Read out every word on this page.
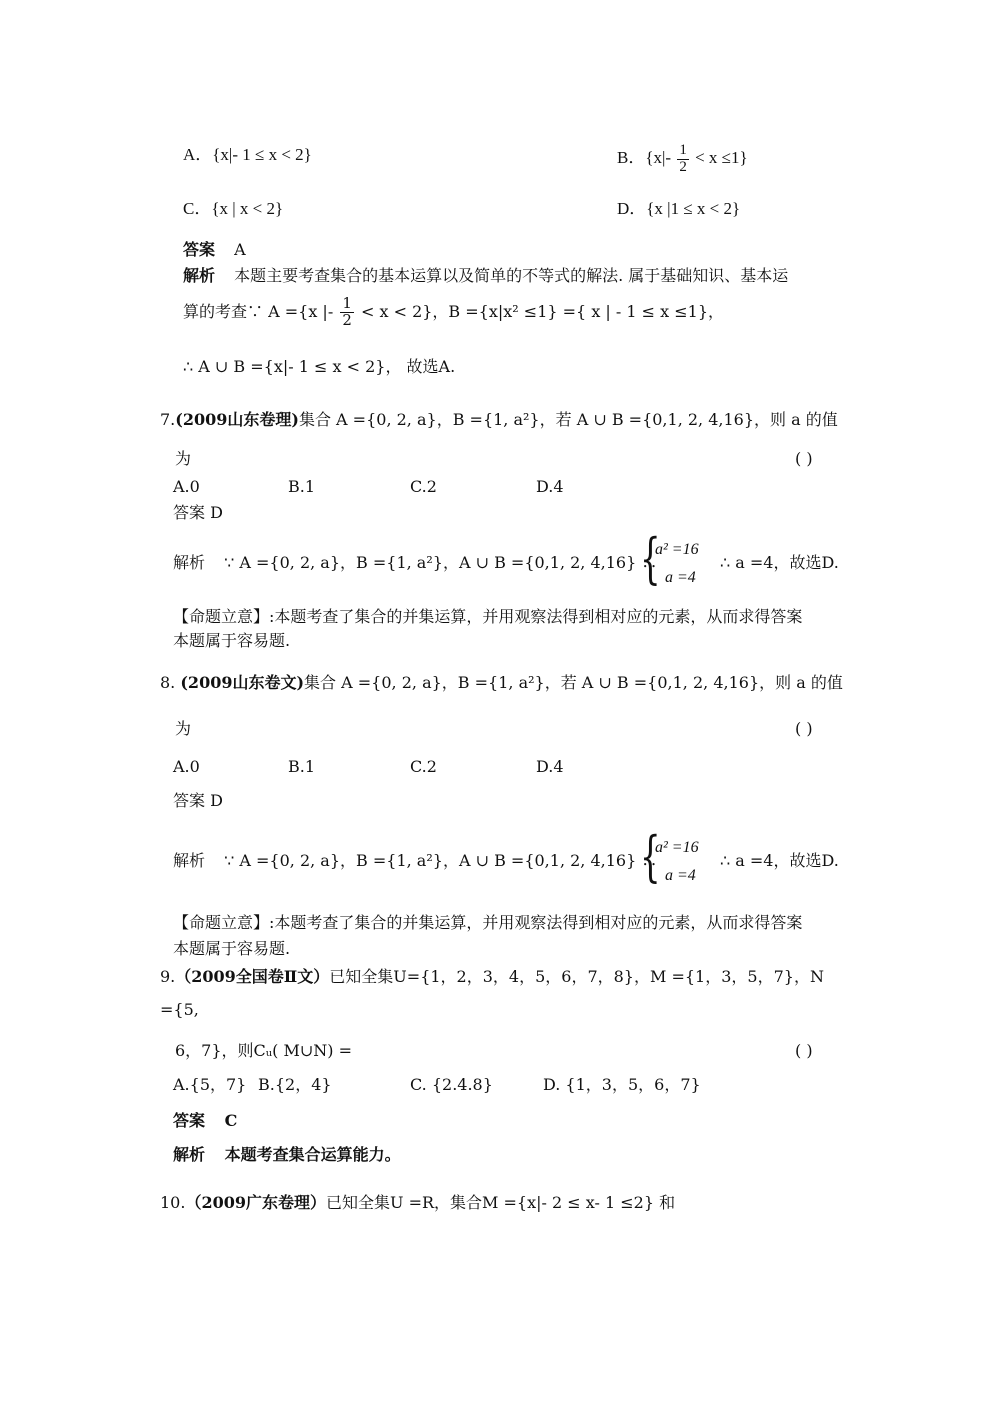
A．{x|- 1 ≤ x < 2}	B．$\{x|- \frac{1}{2} < x \le 1\}$
C．{x | x < 2}	D．{x |1 ≤ x < 2}
答案 A
解析 本题主要考查集合的基本运算以及简单的不等式的解法. 属于基础知识、基本运
算的考查∵ A ={x |- $\frac{1}{2} < x < 2$}，B ={x|x² ≤1} ={ x | - 1 ≤ x ≤1}，
∴ A ∪ B ={x|- 1 ≤ x < 2}， 故选A.
7.(2009山东卷理)集合 A ={0, 2, a}，B ={1, a²}，若 A ∪ B ={0,1, 2, 4,16}，则 a 的值
为	( )
A.0	B.1	C.2	D.4
答案 D
解析 ∵ A ={0, 2, a}，B ={1, a²}，A ∪ B ={0,1, 2, 4,16} ∴
{
a² =16
a =4
∴ a =4，故选D.
【命题立意】:本题考查了集合的并集运算，并用观察法得到相对应的元素，从而求得答案
本题属于容易题.
8. (2009山东卷文)集合 A ={0, 2, a}，B ={1, a²}，若 A ∪ B ={0,1, 2, 4,16}，则 a 的值
为	( )
A.0	B.1	C.2	D.4
答案 D
解析 ∵ A ={0, 2, a}，B ={1, a²}，A ∪ B ={0,1, 2, 4,16} ∴
{
a² =16
a =4
∴ a =4，故选D.
【命题立意】:本题考查了集合的并集运算，并用观察法得到相对应的元素，从而求得答案
本题属于容易题.
9.（2009全国卷Ⅱ文）已知全集U={1，2，3，4，5，6，7，8}，M ={1，3，5，7}，N
={5,
6，7}，则Cᵤ( M∪N) =	( )
A.{5，7} B.{2，4}	C. {2.4.8}	D. {1，3，5，6，7}
答案 C
解析 本题考查集合运算能力。
10.（2009广东卷理）已知全集U =R，集合M ={x|- 2 ≤ x- 1 ≤2} 和
